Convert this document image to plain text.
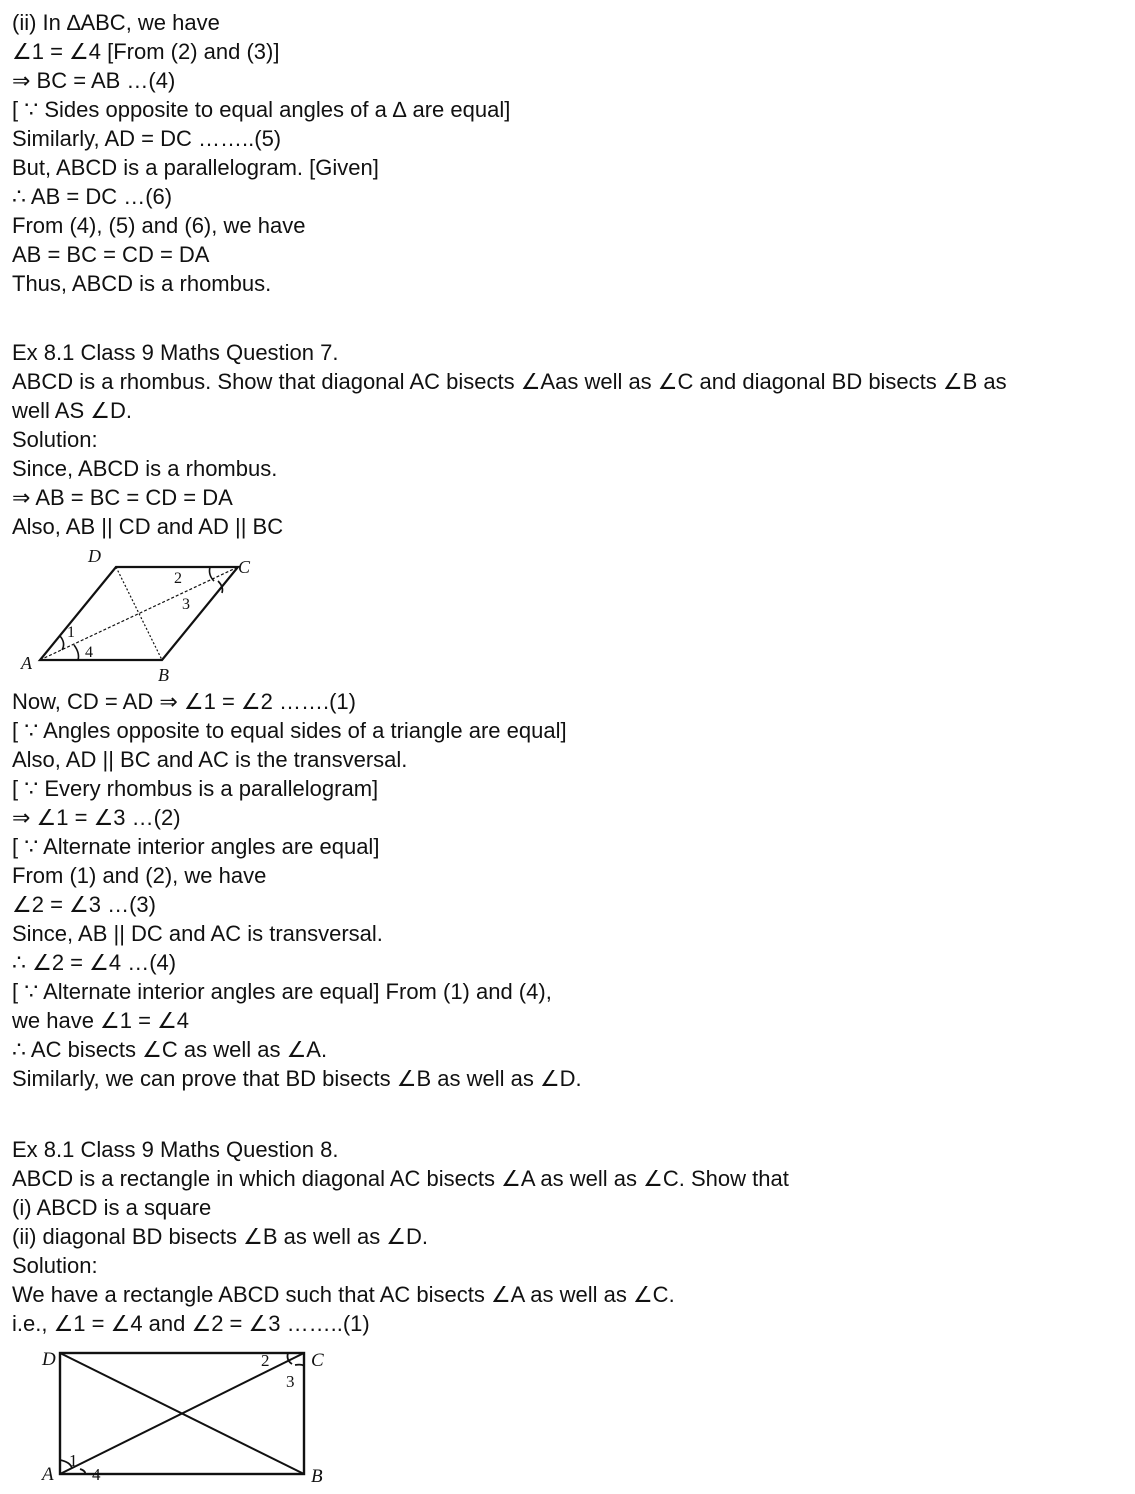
(ii) In ∆ABC, we have

∠1 = ∠4 [From (2) and (3)]

⇒ BC = AB …(4)

[ ∵ Sides opposite to equal angles of a ∆ are equal]

Similarly, AD = DC ……..(5)

But, ABCD is a parallelogram. [Given]

∴ AB = DC …(6)

From (4), (5) and (6), we have

AB = BC = CD = DA

Thus, ABCD is a rhombus.

Ex 8.1 Class 9 Maths Question 7.

ABCD is a rhombus. Show that diagonal AC bisects ∠Aas well as ∠C and diagonal BD bisects ∠B as

well AS ∠D.

Solution:

Since, ABCD is a rhombus.

⇒ AB = BC = CD = DA

Also, AB || CD and AD || BC

A
B
C
D
1
2
3
4

Now, CD = AD ⇒ ∠1 = ∠2 …….(1)

[ ∵ Angles opposite to equal sides of a triangle are equal]

Also, AD || BC and AC is the transversal.

[ ∵ Every rhombus is a parallelogram]

⇒ ∠1 = ∠3 …(2)

[ ∵ Alternate interior angles are equal]

From (1) and (2), we have

∠2 = ∠3 …(3)

Since, AB || DC and AC is transversal.

∴ ∠2 = ∠4 …(4)

[ ∵ Alternate interior angles are equal] From (1) and (4),

we have ∠1 = ∠4

∴ AC bisects ∠C as well as ∠A.

Similarly, we can prove that BD bisects ∠B as well as ∠D.

Ex 8.1 Class 9 Maths Question 8.

ABCD is a rectangle in which diagonal AC bisects ∠A as well as ∠C. Show that

(i) ABCD is a square

(ii) diagonal BD bisects ∠B as well as ∠D.

Solution:

We have a rectangle ABCD such that AC bisects ∠A as well as ∠C.

i.e., ∠1 = ∠4 and ∠2 = ∠3 ……..(1)

A	B
C
D
1
2
3
4
